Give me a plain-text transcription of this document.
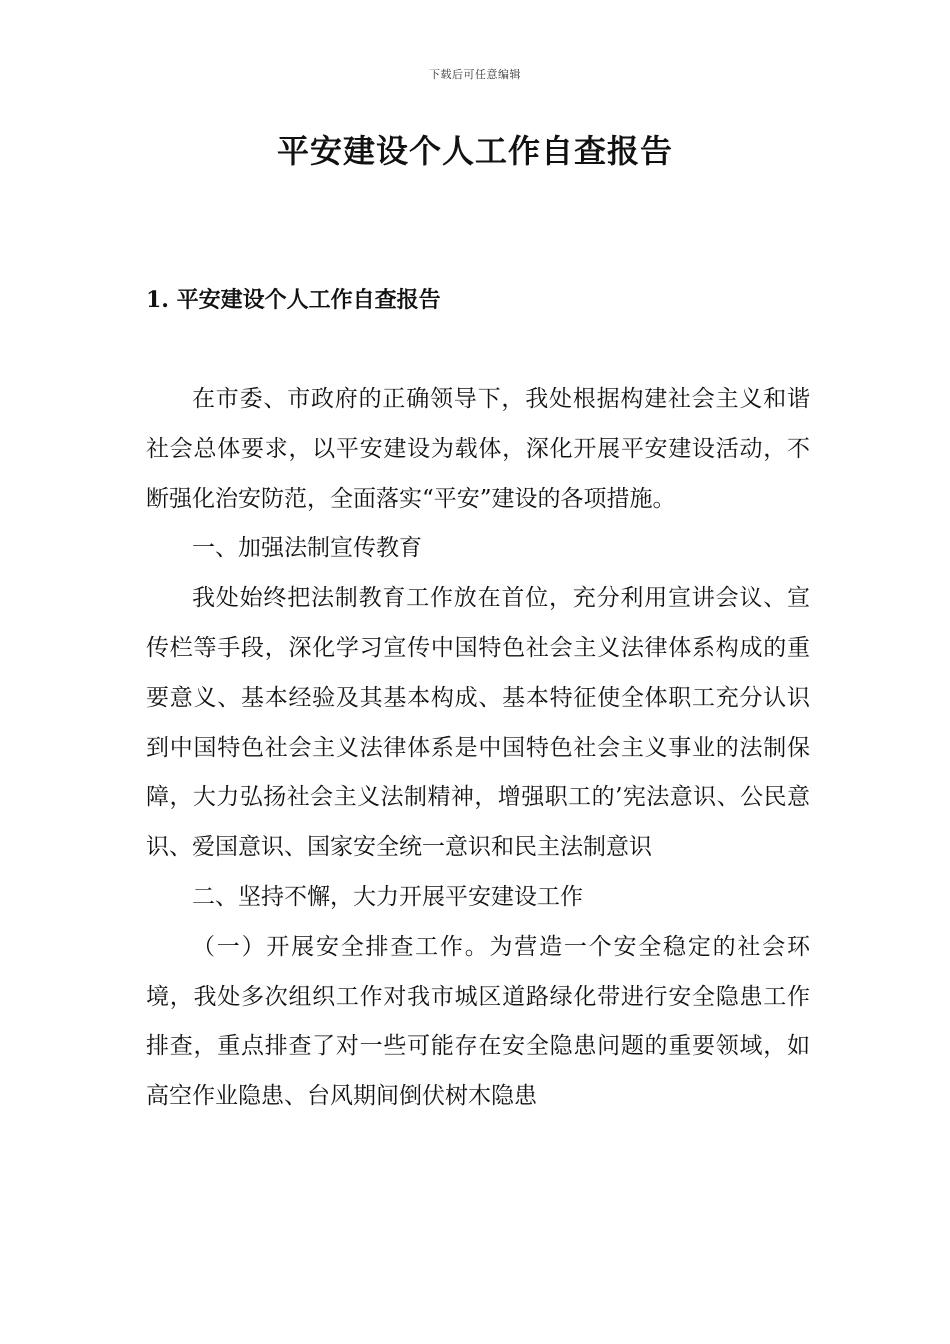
下载后可任意编辑
平安建设个人工作自查报告
1. 平安建设个人工作自查报告

在市委、市政府的正确领导下，我处根据构建社会主义和谐社会总体要求，以平安建设为载体，深化开展平安建设活动，不断强化治安防范，全面落实“平安”建设的各项措施。

一、加强法制宣传教育

我处始终把法制教育工作放在首位，充分利用宣讲会议、宣传栏等手段，深化学习宣传中国特色社会主义法律体系构成的重要意义、基本经验及其基本构成、基本特征使全体职工充分认识到中国特色社会主义法律体系是中国特色社会主义事业的法制保障，大力弘扬社会主义法制精神，增强职工的’宪法意识、公民意识、爱国意识、国家安全统一意识和民主法制意识

二、坚持不懈，大力开展平安建设工作

（一）开展安全排查工作。为营造一个安全稳定的社会环境，我处多次组织工作对我市城区道路绿化带进行安全隐患工作排查，重点排查了对一些可能存在安全隐患问题的重要领域，如高空作业隐患、台风期间倒伏树木隐患
